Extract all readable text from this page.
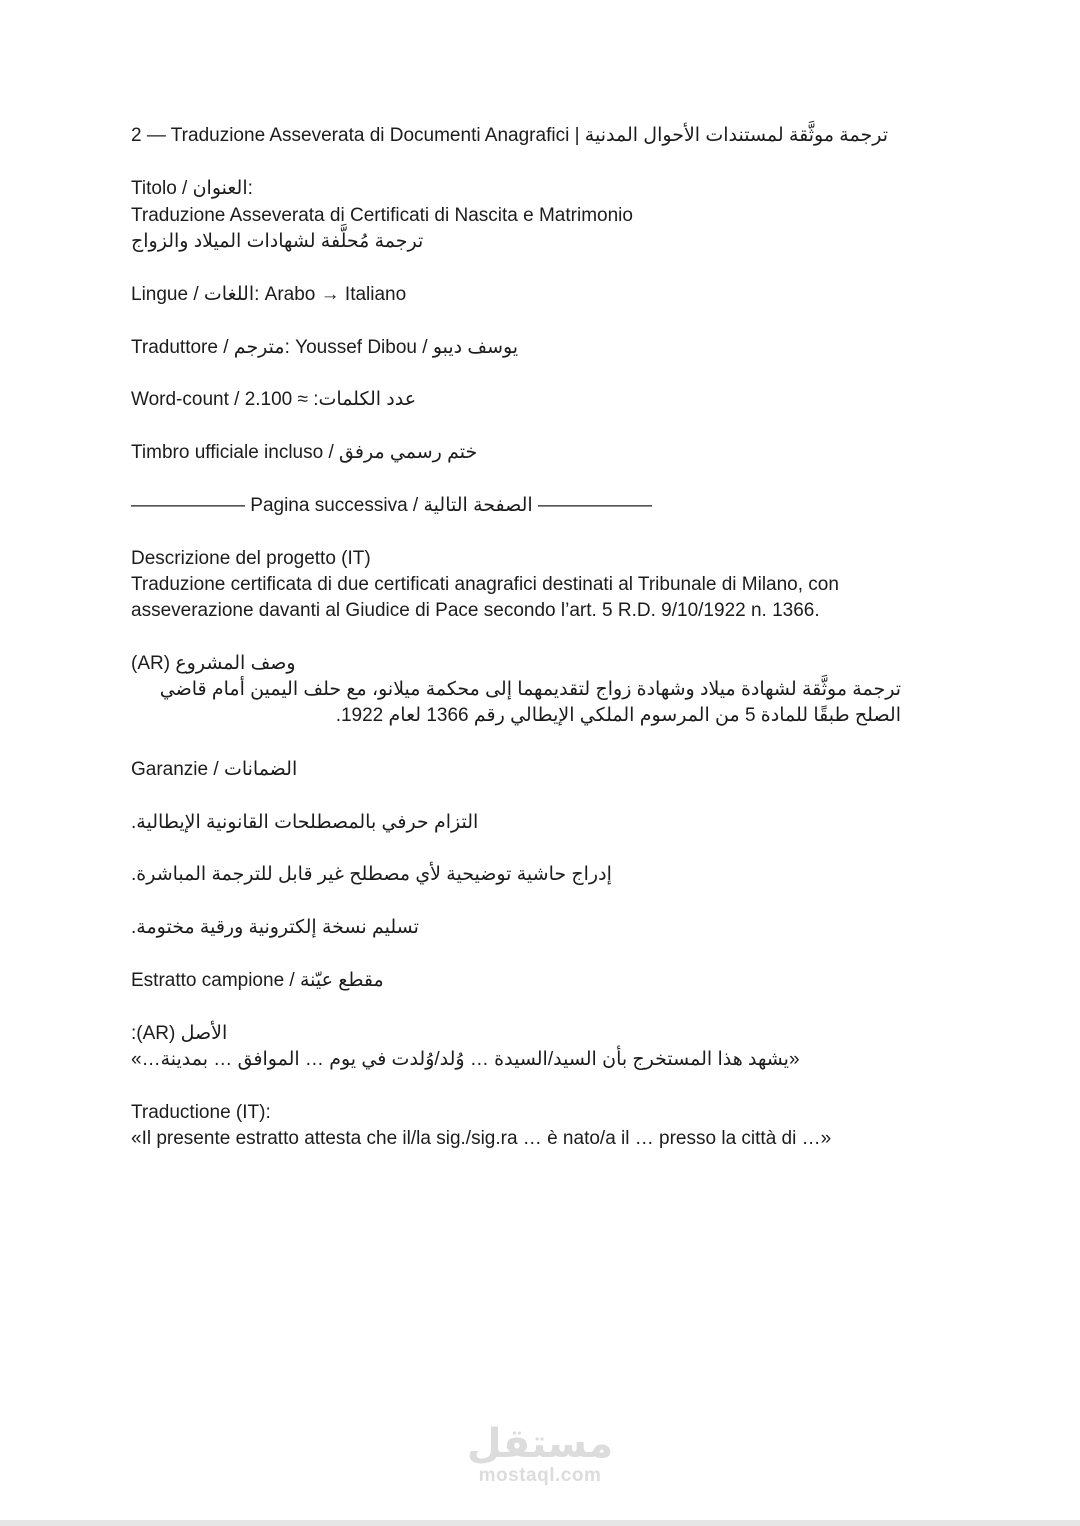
2 — Traduzione Asseverata di Documenti Anagrafici | ترجمة موثَّقة لمستندات الأحوال المدنية
Titolo / العنوان:
Traduzione Asseverata di Certificati di Nascita e Matrimonio
ترجمة مُحلَّفة لشهادات الميلاد والزواج
Lingue / اللغات: Arabo → Italiano
Traduttore / مترجم: Youssef Dibou / يوسف ديبو
Word-count / عدد الكلمات: ≈ 2.100
Timbro ufficiale incluso / ختم رسمي مرفق
—————— Pagina successiva / الصفحة التالية ——————
Descrizione del progetto (IT)
Traduzione certificata di due certificati anagrafici destinati al Tribunale di Milano, con asseverazione davanti al Giudice di Pace secondo l’art. 5 R.D. 9/10/1922 n. 1366.
وصف المشروع (AR)
ترجمة موثَّقة لشهادة ميلاد وشهادة زواج لتقديمهما إلى محكمة ميلانو، مع حلف اليمين أمام قاضي الصلح طبقًا للمادة 5 من المرسوم الملكي الإيطالي رقم 1366 لعام 1922.
Garanzie / الضمانات
التزام حرفي بالمصطلحات القانونية الإيطالية.
إدراج حاشية توضيحية لأي مصطلح غير قابل للترجمة المباشرة.
تسليم نسخة إلكترونية ورقية مختومة.
Estratto campione / مقطع عيّنة
الأصل (AR):
«يشهد هذا المستخرج بأن السيد/السيدة … وُلد/وُلدت في يوم … الموافق … بمدينة…»
Traductione (IT):
«Il presente estratto attesta che il/la sig./sig.ra … è nato/a il … presso la città di …»
مستقل
mostaql.com
